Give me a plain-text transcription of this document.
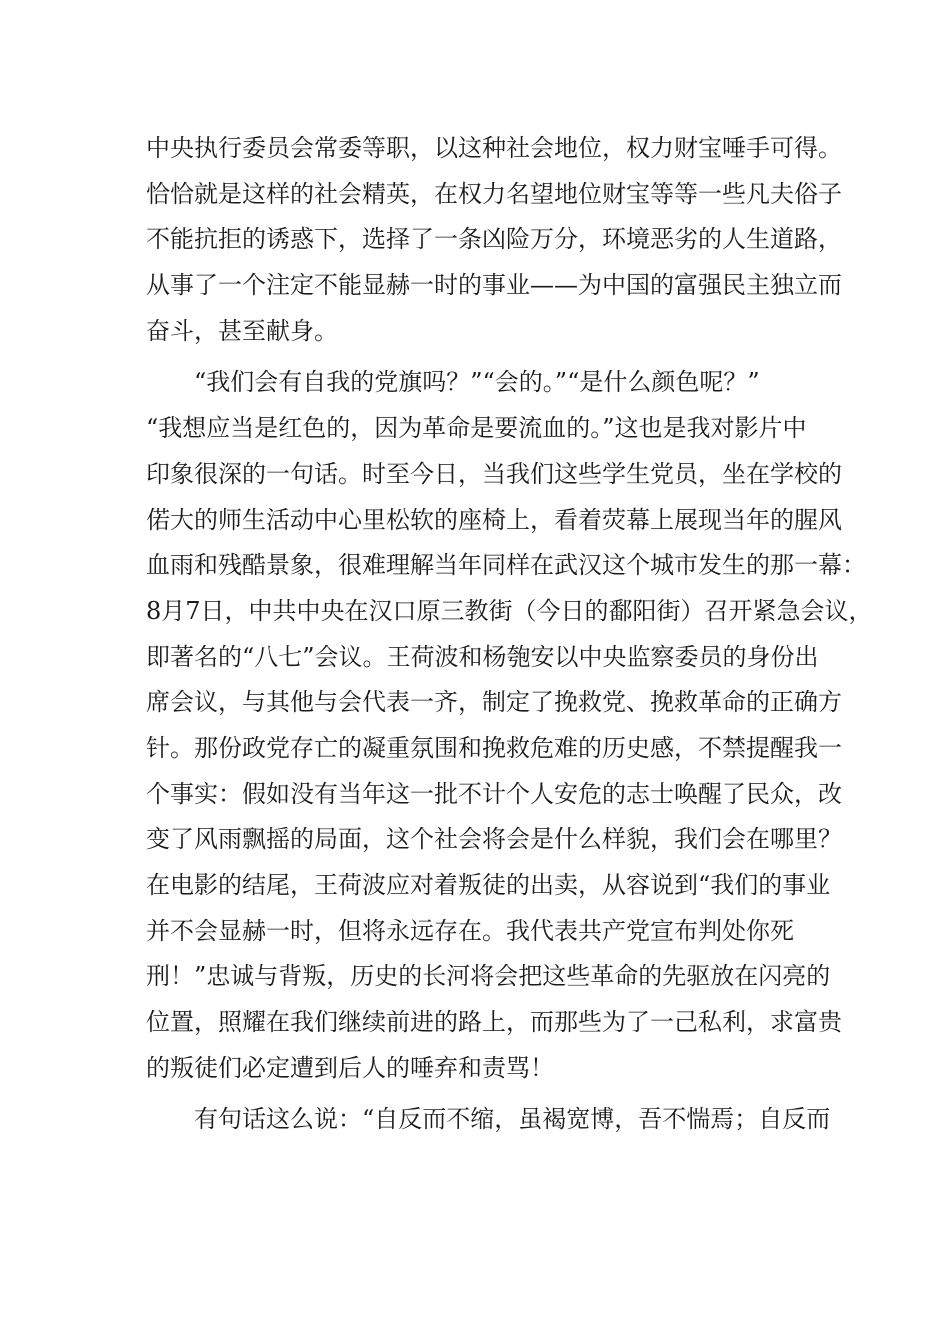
中央执行委员会常委等职，以这种社会地位，权力财宝唾手可得。
恰恰就是这样的社会精英，在权力名望地位财宝等等一些凡夫俗子
不能抗拒的诱惑下，选择了一条凶险万分，环境恶劣的人生道路，
从事了一个注定不能显赫一时的事业——为中国的富强民主独立而
奋斗，甚至献身。
“我们会有自我的党旗吗？”“会的。”“是什么颜色呢？”
“我想应当是红色的，因为革命是要流血的。”这也是我对影片中
印象很深的一句话。时至今日，当我们这些学生党员，坐在学校的
偌大的师生活动中心里松软的座椅上，看着荧幕上展现当年的腥风
血雨和残酷景象，很难理解当年同样在武汉这个城市发生的那一幕：
8月7日，中共中央在汉口原三教街（今日的鄱阳街）召开紧急会议，
即著名的“八七”会议。王荷波和杨匏安以中央监察委员的身份出
席会议，与其他与会代表一齐，制定了挽救党、挽救革命的正确方
针。那份政党存亡的凝重氛围和挽救危难的历史感，不禁提醒我一
个事实：假如没有当年这一批不计个人安危的志士唤醒了民众，改
变了风雨飘摇的局面，这个社会将会是什么样貌，我们会在哪里？
在电影的结尾，王荷波应对着叛徒的出卖，从容说到“我们的事业
并不会显赫一时，但将永远存在。我代表共产党宣布判处你死
刑！”忠诚与背叛，历史的长河将会把这些革命的先驱放在闪亮的
位置，照耀在我们继续前进的路上，而那些为了一己私利，求富贵
的叛徒们必定遭到后人的唾弃和责骂！
有句话这么说：“自反而不缩，虽褐宽博，吾不惴焉；自反而
